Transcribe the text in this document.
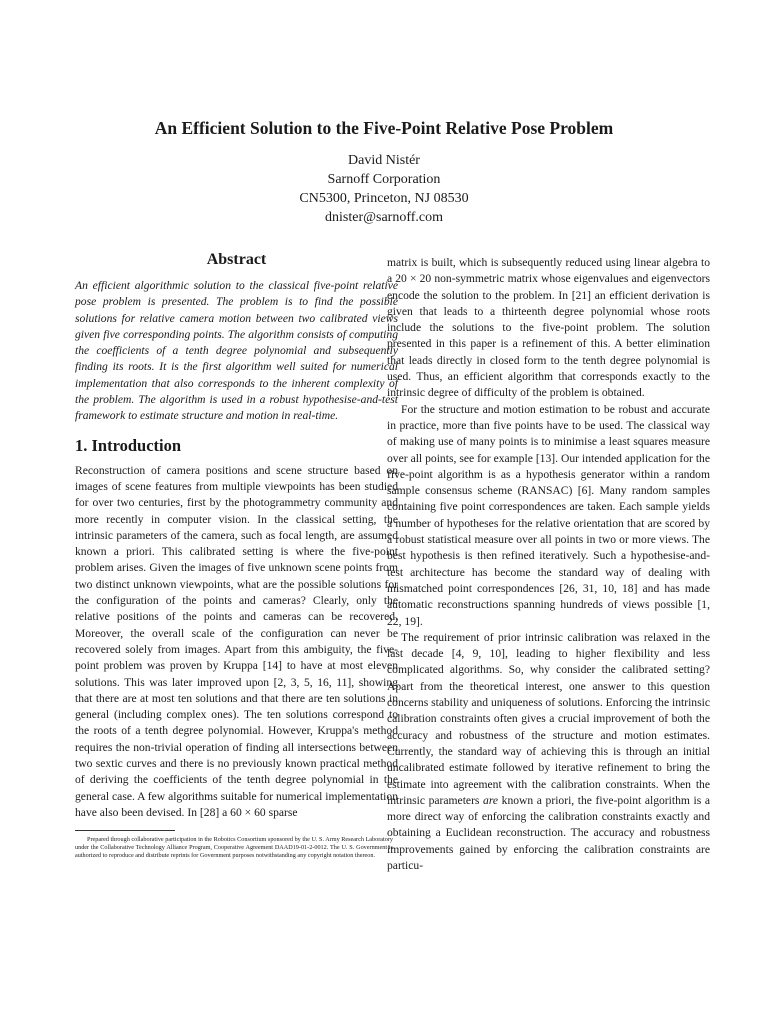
An Efficient Solution to the Five-Point Relative Pose Problem
David Nistér
Sarnoff Corporation
CN5300, Princeton, NJ 08530
dnister@sarnoff.com
Abstract

An efficient algorithmic solution to the classical five-point relative pose problem is presented. The problem is to find the possible solutions for relative camera motion between two calibrated views given five corresponding points. The algorithm consists of computing the coefficients of a tenth degree polynomial and subsequently finding its roots. It is the first algorithm well suited for numerical implementation that also corresponds to the inherent complexity of the problem. The algorithm is used in a robust hypothesise-and-test framework to estimate structure and motion in real-time.

1. Introduction

Reconstruction of camera positions and scene structure based on images of scene features from multiple viewpoints has been studied for over two centuries, first by the photogrammetry community and more recently in computer vision. In the classical setting, the intrinsic parameters of the camera, such as focal length, are assumed known a priori. This calibrated setting is where the five-point problem arises. Given the images of five unknown scene points from two distinct unknown viewpoints, what are the possible solutions for the configuration of the points and cameras? Clearly, only the relative positions of the points and cameras can be recovered. Moreover, the overall scale of the configuration can never be recovered solely from images. Apart from this ambiguity, the five-point problem was proven by Kruppa [14] to have at most eleven solutions. This was later improved upon [2, 3, 5, 16, 11], showing that there are at most ten solutions and that there are ten solutions in general (including complex ones). The ten solutions correspond to the roots of a tenth degree polynomial. However, Kruppa's method requires the non-trivial operation of finding all intersections between two sextic curves and there is no previously known practical method of deriving the coefficients of the tenth degree polynomial in the general case. A few algorithms suitable for numerical implementation have also been devised. In [28] a 60 × 60 sparse

matrix is built, which is subsequently reduced using linear algebra to a 20 × 20 non-symmetric matrix whose eigenvalues and eigenvectors encode the solution to the problem. In [21] an efficient derivation is given that leads to a thirteenth degree polynomial whose roots include the solutions to the five-point problem. The solution presented in this paper is a refinement of this. A better elimination that leads directly in closed form to the tenth degree polynomial is used. Thus, an efficient algorithm that corresponds exactly to the intrinsic degree of difficulty of the problem is obtained.

For the structure and motion estimation to be robust and accurate in practice, more than five points have to be used. The classical way of making use of many points is to minimise a least squares measure over all points, see for example [13]. Our intended application for the five-point algorithm is as a hypothesis generator within a random sample consensus scheme (RANSAC) [6]. Many random samples containing five point correspondences are taken. Each sample yields a number of hypotheses for the relative orientation that are scored by a robust statistical measure over all points in two or more views. The best hypothesis is then refined iteratively. Such a hypothesise-and-test architecture has become the standard way of dealing with mismatched point correspondences [26, 31, 10, 18] and has made automatic reconstructions spanning hundreds of views possible [1, 22, 19].

The requirement of prior intrinsic calibration was relaxed in the last decade [4, 9, 10], leading to higher flexibility and less complicated algorithms. So, why consider the calibrated setting? Apart from the theoretical interest, one answer to this question concerns stability and uniqueness of solutions. Enforcing the intrinsic calibration constraints often gives a crucial improvement of both the accuracy and robustness of the structure and motion estimates. Currently, the standard way of achieving this is through an initial uncalibrated estimate followed by iterative refinement to bring the estimate into agreement with the calibration constraints. When the intrinsic parameters are known a priori, the five-point algorithm is a more direct way of enforcing the calibration constraints exactly and obtaining a Euclidean reconstruction. The accuracy and robustness improvements gained by enforcing the calibration constraints are particu-

Prepared through collaborative participation in the Robotics Consortium sponsored by the U. S. Army Research Laboratory under the Collaborative Technology Alliance Program, Cooperative Agreement DAAD19-01-2-0012. The U. S. Government is authorized to reproduce and distribute reprints for Government purposes notwithstanding any copyright notation thereon.
